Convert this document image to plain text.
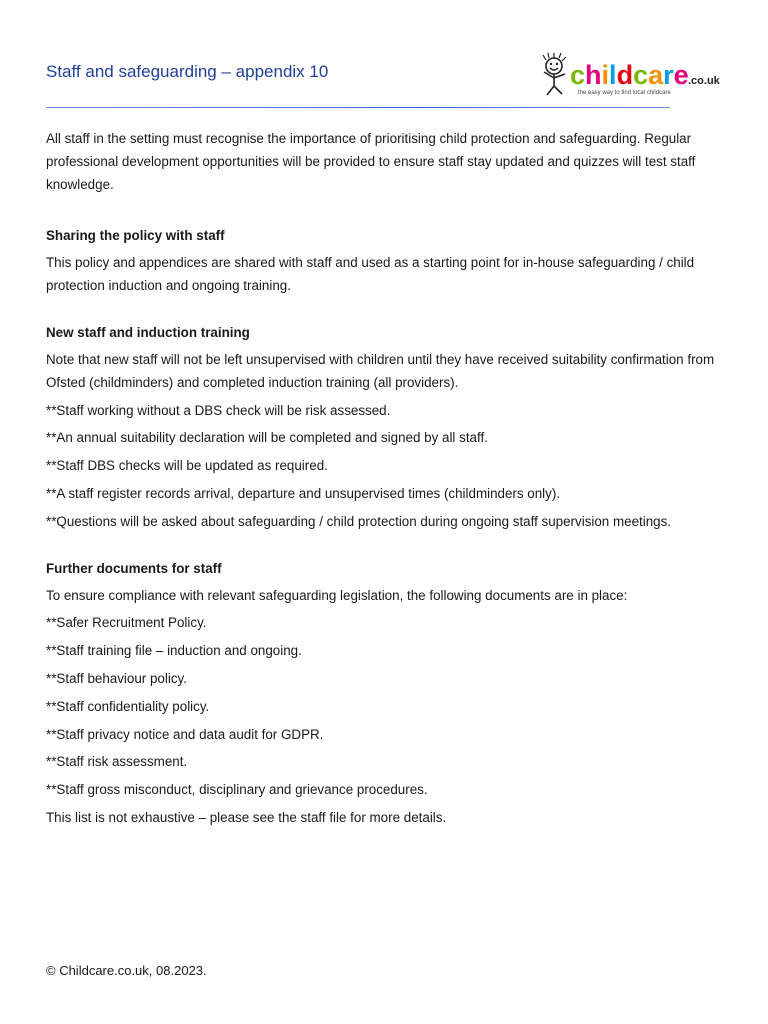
Staff and safeguarding – appendix 10	childcare .co.uk
the easy way to find local childcare

All staff in the setting must recognise the importance of prioritising child protection and safeguarding. Regular professional development opportunities will be provided to ensure staff stay updated and quizzes will test staff knowledge.

Sharing the policy with staff

This policy and appendices are shared with staff and used as a starting point for in-house safeguarding / child protection induction and ongoing training.

New staff and induction training

Note that new staff will not be left unsupervised with children until they have received suitability confirmation from Ofsted (childminders) and completed induction training (all providers).

**Staff working without a DBS check will be risk assessed.

**An annual suitability declaration will be completed and signed by all staff.

**Staff DBS checks will be updated as required.

**A staff register records arrival, departure and unsupervised times (childminders only).

**Questions will be asked about safeguarding / child protection during ongoing staff supervision meetings.

Further documents for staff

To ensure compliance with relevant safeguarding legislation, the following documents are in place:

**Safer Recruitment Policy.

**Staff training file – induction and ongoing.

**Staff behaviour policy.

**Staff confidentiality policy.

**Staff privacy notice and data audit for GDPR.

**Staff risk assessment.

**Staff gross misconduct, disciplinary and grievance procedures.

This list is not exhaustive – please see the staff file for more details.

© Childcare.co.uk, 08.2023.
